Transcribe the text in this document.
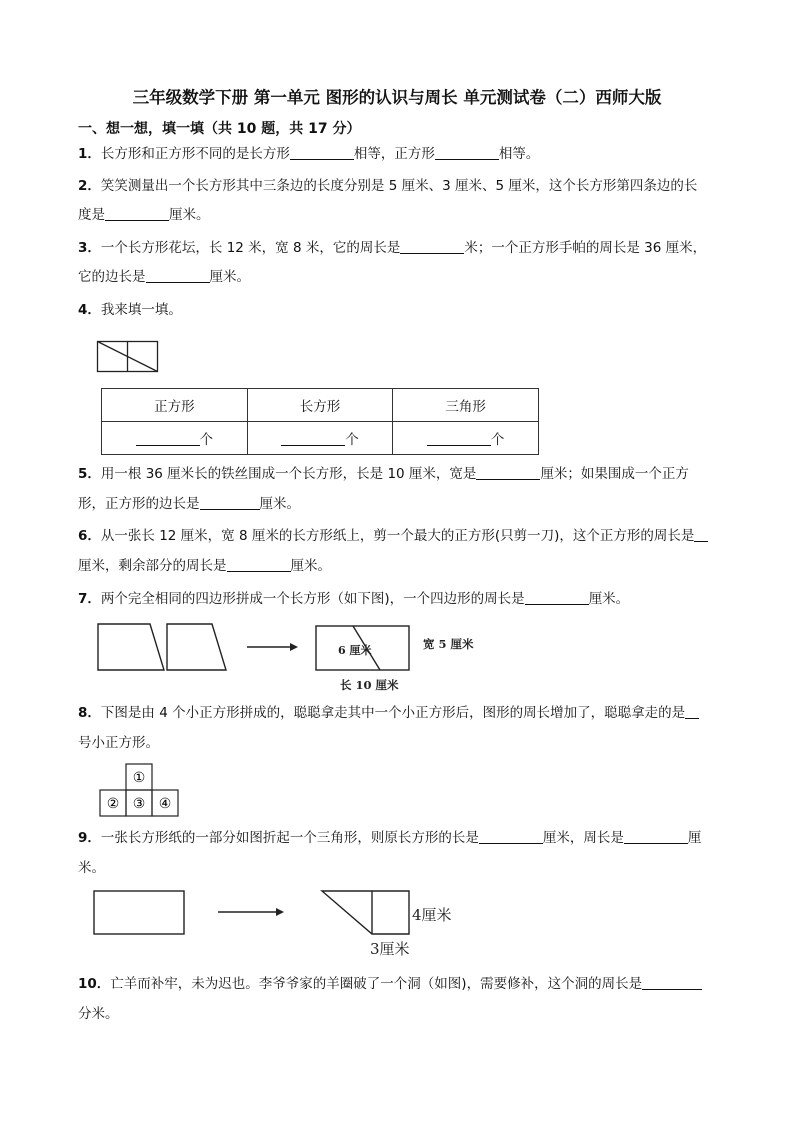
三年级数学下册 第一单元 图形的认识与周长 单元测试卷（二）西师大版
一、想一想，填一填（共 10 题，共 17 分）
1．长方形和正方形不同的是长方形	相等，正方形	相等。
2．笑笑测量出一个长方形其中三条边的长度分别是 5 厘米、3 厘米、5 厘米，这个长方形第四条边的长
度是	厘米。
3．一个长方形花坛，长 12 米，宽 8 米，它的周长是	米；一个正方形手帕的周长是 36 厘米，
它的边长是	厘米。
4．我来填一填。
正方形	长方形	三角形
个	个	个
5．用一根 36 厘米长的铁丝围成一个长方形，长是 10 厘米，宽是	厘米；如果围成一个正方
形，正方形的边长是	厘米。
6．从一张长 12 厘米，宽 8 厘米的长方形纸上，剪一个最大的正方形(只剪一刀)，这个正方形的周长是
厘米，剩余部分的周长是	厘米。
7．两个完全相同的四边形拼成一个长方形（如下图)，一个四边形的周长是	厘米。
6 厘米	宽 5 厘米
长 10 厘米
8．下图是由 4 个小正方形拼成的，聪聪拿走其中一个小正方形后，图形的周长增加了，聪聪拿走的是
号小正方形。
①
② ③ ④
9．一张长方形纸的一部分如图折起一个三角形，则原长方形的长是	厘米，周长是	厘
米。
4厘米
3厘米
10．亡羊而补牢，未为迟也。李爷爷家的羊圈破了一个洞（如图)，需要修补，这个洞的周长是
分米。
